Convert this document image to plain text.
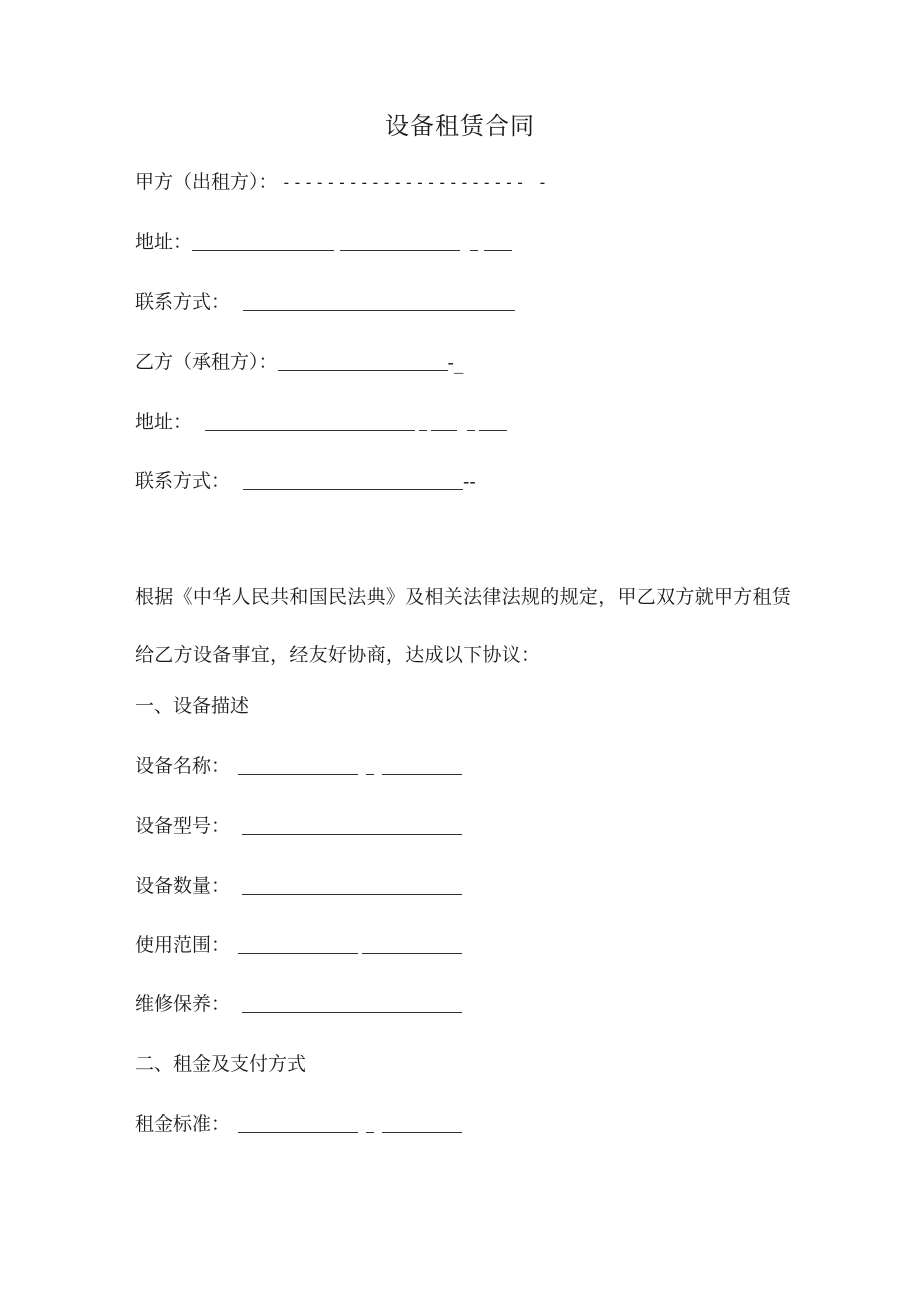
设备租赁合同
甲方（出租方）： ---------------------- -
地址：
联系方式：
乙方（承租方）：	-_
地址：
联系方式：	--
根据《中华人民共和国民法典》及相关法律法规的规定，甲乙双方就甲方租赁给乙方设备事宜，经友好协商，达成以下协议：
一、设备描述
设备名称：
设备型号：
设备数量：
使用范围：
维修保养：
二、租金及支付方式
租金标准：
